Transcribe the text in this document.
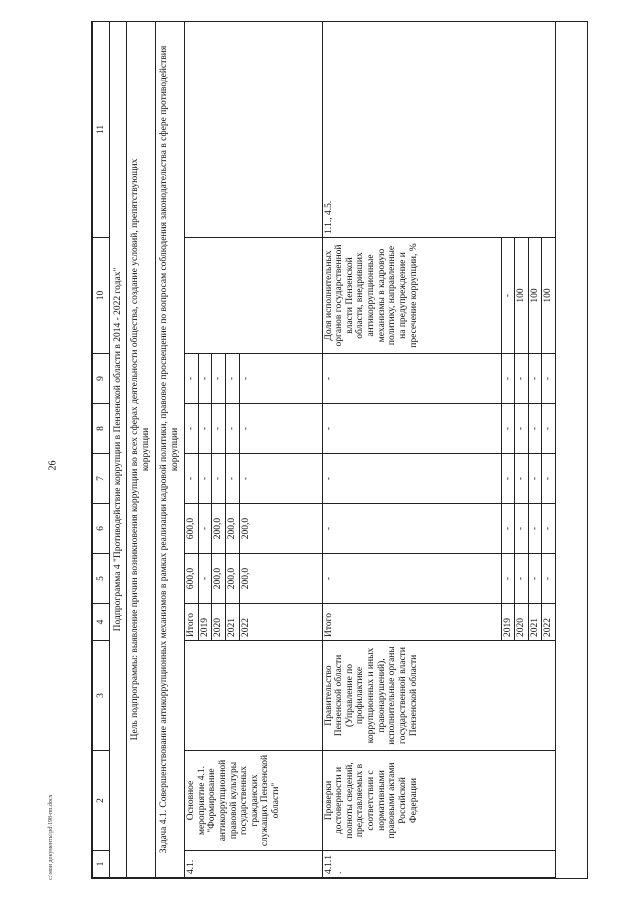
26
1	2	3	4	5	6	7	8	9	10	11
Подпрограмма 4 "Противодействие коррупции в Пензенской области в 2014 - 2022 годах"										
Цель подпрограммы: выявление причин возникновения коррупции во всех сферах деятельности общества, создание условий, препятствующих коррупции										
Задача 4.1. Совершенствование антикоррупционных механизмов в рамках реализации кадровой политики, правовое просвещение по вопросам соблюдения законодательства в сфере противодействия коррупции										
4.1.	Основное мероприятие 4.1. "Формирование антикоррупционной правовой культуры государственных гражданских служащих Пензенской области"		Итого	600,0	600,0	-	-	-		
			2019	-	-	-	-	-		
			2020	200,0	200,0	-	-	-		
			2021	200,0	200,0	-	-	-		
			2022	200,0	200,0	-	-	-		
4.1.1.	Проверки достоверности и полноты сведений, представляемых в соответствии с нормативными правовыми актами Российской Федерации	Правительство Пензенской области (Управление по профилактике коррупционных и иных правонарушений), исполнительные органы государственной власти Пензенской области	Итого	-	-	-	-	-	Доля исполнительных органов государственной власти Пензенской области, внедривших антикоррупционные механизмы в кадровую политику, направленные на предупреждение и пресечение коррупции, %	1.1., 4.5.
			2019	-	-	-	-	-	-	
			2020	-	-	-	-	-	100	
			2021	-	-	-	-	-	100	
			2022	-	-	-	-	-	100	
c:\мои документы\pd\198-пп.docx
